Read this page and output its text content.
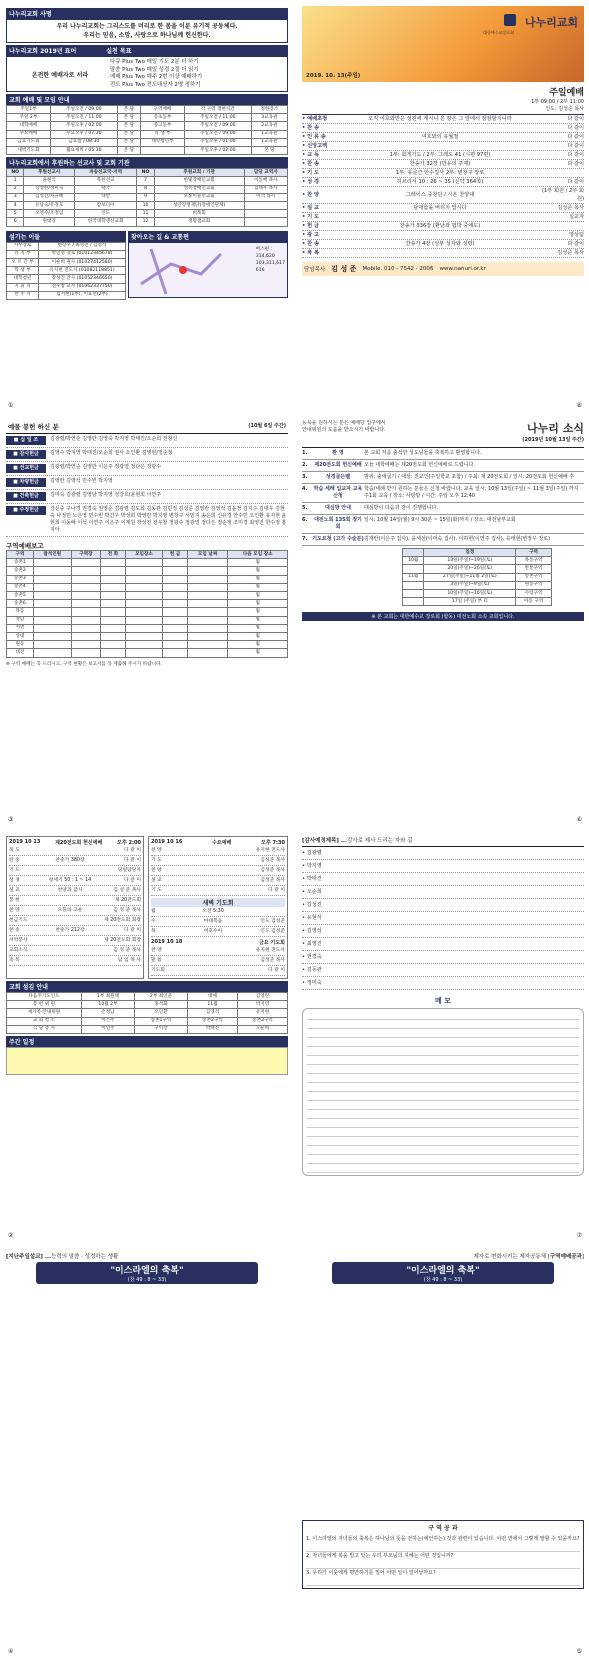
나누리교회 사명
우리 나누리교회는 그리스도를 머리로 한 몸을 이룬 유기적 공동체다.
우리는 믿음, 소망, 사랑으로 하나님께 헌신한다.
나누리교회 2019년 표어	실천 목표
온전한 예배자로 서라
다큐 Plus Two 매일 기도 2분 더 하기
말씀 Plus Two 매일 성경 2절 더 읽기
예배 Plus Two 매주 2번 이상 예배하기
전도 Plus Two 전도대상자 2명 정하기
교회 예배 및 모임 안내
주일1부	주일오전 / 09:00	본 당	구역예배	각 구역 정한시간	정한장소
주일 2부	주일오전 / 11:00	본 당	유초등부	주일오전 / 11:00	3교육관
대학예배	주일오후 / 02:00	본 당	중고등부	주일오전 / 09:00	2교육관
수요예배	수요오후 / 07:30	본 당	학 생 부	주일오전 / 09:00	1교육관
금요기도회	금요밤 / 08:30	본 당	대학청년부	주일오후 / 01:00	1교육관
새벽기도회	월요새벽 / 05:30	본 당		주일오후 / 02:00	본 당
나누리교회에서 후원하는 선교사 및 교회 기관
NO	후원선교사	파송선교국·지역	NO	후원교회 / 기관	담당 교역자
1	윤현식	북한선교	7	한빛장애인교회	이동배 목사
2	강성한/정미숙	태국	8	성복장애인교회	김태우 목사
3	김성진/차규혜	대만	9	모퉁이돌선교회	이석 목사
4	유남숙/유경호	캄보디아	10	성안장정재단(장애인단체)	
5	오영수/조정임	인도	11	희목회	
6	원대경	한국대학생선교회	12	생명샘교회	
섬기는 이들
시무장로	변장우 / 최영진 / 김영석
유 지 부	박인영 장로 (01012345678)
오 르 간 부	이순희 권사 (01027412580)
학 생 부	유지현 전도사 (01082118851)
대학청년	장성진 간사 (01052346650)
지 휘 자	전우창 교사 (01062337750)
반 주 자	김서현(1부), 이효선(2부)
찾아오는 길 & 교통편
버스편 :
314,620
103,311,617
616
①
대한예수교장로회
나누리교회
2019. 10. 13(주일)
주일예배
1부 09:00 / 2부 11:00
인도: 김성준 목사
• 예배초청	오직 여호와만은 성전에 계시니 온 땅은 그 앞에서 잠잠할지니라	다 같이
• 찬 송	다 같이
• 인 류 송	여호와의 유월절	다 같이
• 신앙고백	다 같이
• 교 독	1부: 회개기도 / 2부: 그레도 41 (시편 97편)	다 같이
• 찬 송	찬송가 32장 (만유의 주재)	다 같이
• 기 도	1부: 유문근 안수집사 2부: 변창구 장로
• 성 경	히브리서 10 : 26 ~ 35 (신약 364쪽)	다 같이
• 찬 양	그레이스 중창단 / 시온 찬양대
(1부 회원 / 2부 회원)
• 설 교	담대함을 버리지 맙시다	김성준 목사
• 기 도	설교자
• 헌 금	찬송가 336장 (환난과 핍박 중에도)
• 광 고	영상팀
• 찬 송	찬송가 4장 (성부 성자와 성령)	다 같이
• 축 복	김성준 목사
담임목사 김 성 준 Mobile. 010 - 7542 - 2006 www.nanuri.or.kr
⑧
예물 봉헌 하신 분	(10월 6일 주간)
■ 십 일 조	김광렬/박연순 김영란 김영숙 박지영 박태진/오순희 전창신
■ 감사헌금	김영수 박지영 박태진/오순희 권사 오인환 김병현/정순정
■ 선교헌금	김광렬/박연순 김영란 이은주 정광열 정다은 정광수
■ 차량헌금	김영란 김영석 민수빈 박지영
■ 건축헌금	김미숙 김광렬 김영남 박지영 성강호/윤현희 이연주
■ 주정헌금	강신중 구나경 권경숙 권영준 김광렬 김도희 김동관 김민정 김성준 김영란 김영석 김윤정 김지수 김태우 김현숙 나정민 노은영 민수빈 박건우 박성희 박영란 박지영 변창구 서민지 송은희 신유경 안수민 오인환 유지현 윤현희 이동배 이석 이연주 이은주 이재원 장성진 전우창 정광수 정광열 정다은 정순정 조미경 최영진 한수정 홍지아
구역예배보고
구역	참석인원	구역장	전 화	모임장소	헌 금	모임 날짜	다음 모임 장소
송촌1							월
송촌2							월
송촌3							월
송촌4							월
송촌5							월
송촌6							월
목동							월
성남							월
서면							월
상대							월
원동							월
대전							월
※ 구역 예배는 꼭 드리시고, 구역 현황은 보고서를 꼭 제출해 주시기 바랍니다.
③
등록을 원하시는 분은 예배당 입구에서
안내위원의 도움을 받으시기 바랍니다.	나누리 소식
(2019년 10월 13일 주간)
1.	환 영	본 교회 처음 출석한 성도님들을 축복하고 환영합니다.
2.	제20전도회 헌신예배 오늘 대학예배는 제20전도회 헌신예배로 드립니다.
3.	성경골든벨	범위: 출애굽기 / 대상: 전교인(주일학교 포함) / 주최: 제 20전도회 / 일시: 20전도회 헌신예배 후
4.	학습 세례 입교자 교육 신청
학습/세례 받기 원하는 분들은 신청 바랍니다. 교육 일시: 10월 13일(주일) ~ 11월 3일(주일) 까지 주1회 교육 / 장소: 사랑방 / 시간: 주일 오후 12:40
5.	대심방 안내	대심방이 다음과 같이 진행합니다.
6.	대전노회 135회 정기회
일시: 10월 14일(월) 9시 30분 ~ 15일(화)까지 / 장소: 대전남부교회
7. 기도요청 (고가 수술분) 김재란(이은주 집사), 윤세선(이미숙 집사), 이하현(이연주 집사), 유태현(변장우 장로)
	일정	구역
10월	13일(주일)~19일(토)	목동구역
	20일(주일)~26일(토)	반통구역
11월	27일(주일)~11월 2일(토)	송촌구역
	3일(주일)~9일(토)	원동구역
	10일(주일)~16일(토)	사랑구역
	17일 (주일) 부 터	아동 구역
※ 본 교회는 대한예수교 장로회 (합동) 대전노회 소속 교회입니다.
⑥
2019 10 13	제20전도회 헌신예배	오후 2:00
목 도	다 같 이
찬 송	찬송가 380장	다 같 이
기 도	당일담당자
성 경	창세기 50 : 1 ~ 14	다 같 이
설 교	찬양과 감사	김 성 준 목사
봉 헌	제 20전도회
찬 양	오플의 고운	김 성 준 목사
헌금기도	제 20전도회 회장
찬 송	찬송가 212장	다 같 이
서약봉사	제 20전도회 회장
교회소식	김 성 준 목사
축 복	담 임 목 사
2019 10 16	수요예배	오후 7:30
찬 양	유지현 전도사
기 도	김성준 목사
찬 양	김성준 목사
설 교	김성준 목사
기 도	다 같 이
새벽 기도회
월	오전 5:30
수	마태복음	인도 김성준
목	여호수아	인도 김성준
2019 10 18	금요 기도회
찬 양	유지현 전도사
말 씀	김성준 목사
기도회	다 같 이
교회 섬김 안내
다음주기도인도	1부 최원택	2부 최인준	대예	김영란
봉 헌 위 원	10월 2부	홍석화	11월	박지영
새가족·안내위원	손정남	오인환	김영석	유지현
교 회 청 소	이은주	송촌1구역	송촌2구역	송촌3구역
식 당 봉 사	이연주	구역장	박태진	오순희
주간 일정
②
[감사예정제목] ...감사로 제사 드리는 자와 길
• 김광렬
• 박지영
• 박태진
• 오순희
• 김성진
• 유현식
• 김영석
• 최영진
• 권경숙
• 김동관
• 정미숙
메 모
⑦
[지난주일설교] ...능력의 말씀 · 성경하는 생활
"이스라엘의 축복"
(창 49 : 8 ~ 33)
④
제자로 변화시키는 제자공동체 [구역예배공과]
"이스라엘의 축복"
(창 49 : 8 ~ 33)
구 역 공 과
1. 이스라엘의 자녀들의 축복은 하나님의 뜻을 전하는(예언하는) 것과 관련이 있습니다. 어떤 면에서 그렇게 말할 수 있을까요?
2. 자녀들에게 복을 빌고 있는 우리 부모님의 지혜는 어떤 것입니까?
3. 우리가 이웃에게 평안하기를 빌어 어떤 일이 일어날까요?
⑤
